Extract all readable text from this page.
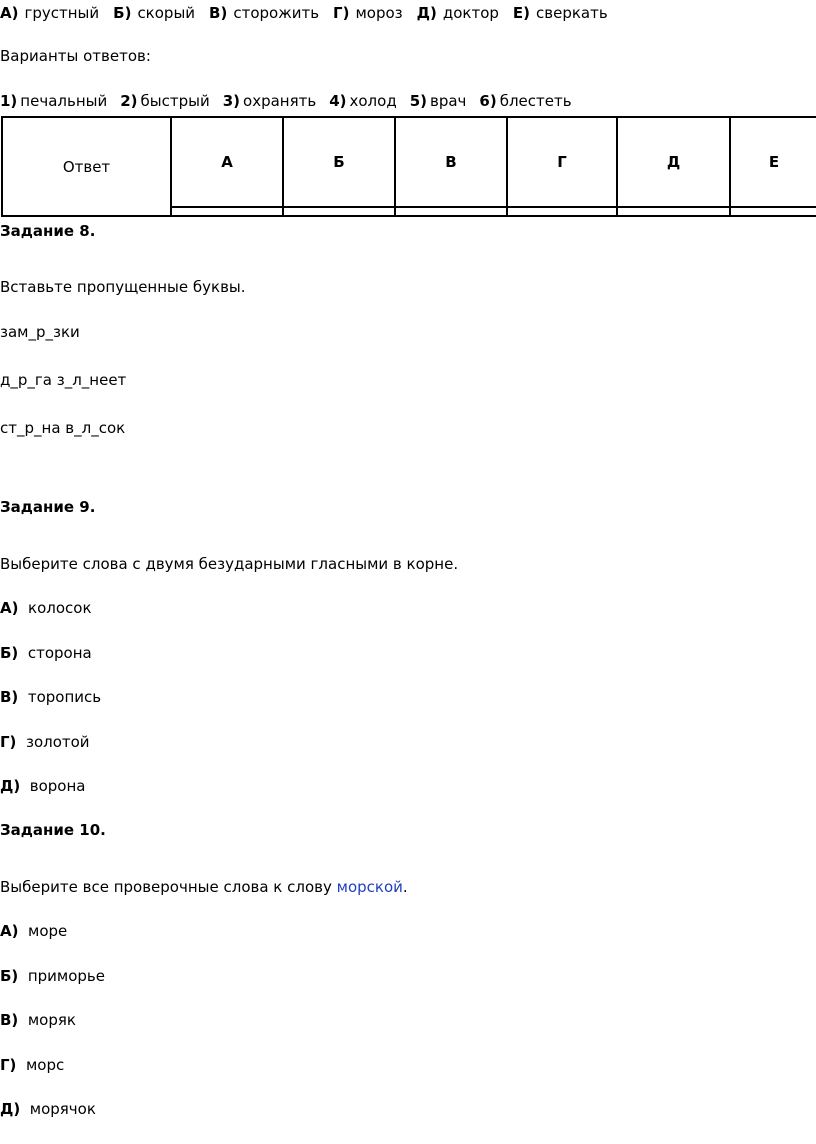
А) грустный Б) скорый В) сторожить Г) мороз Д) доктор Е) сверкать
Варианты ответов:
1) печальный 2) быстрый 3) охранять 4) холод 5) врач 6) блестеть
Ответ	А	Б	В	Г	Д	Е

Задание 8.
Вставьте пропущенные буквы.
зам_р_зки
д_р_га з_л_неет
ст_р_на в_л_сок
Задание 9.
Выберите слова с двумя безударными гласными в корне.
А) колосок
Б) сторона
В) торопись
Г) золотой
Д) ворона
Задание 10.
Выберите все проверочные слова к слову морской.
А) море
Б) приморье
В) моряк
Г) морс
Д) морячок
